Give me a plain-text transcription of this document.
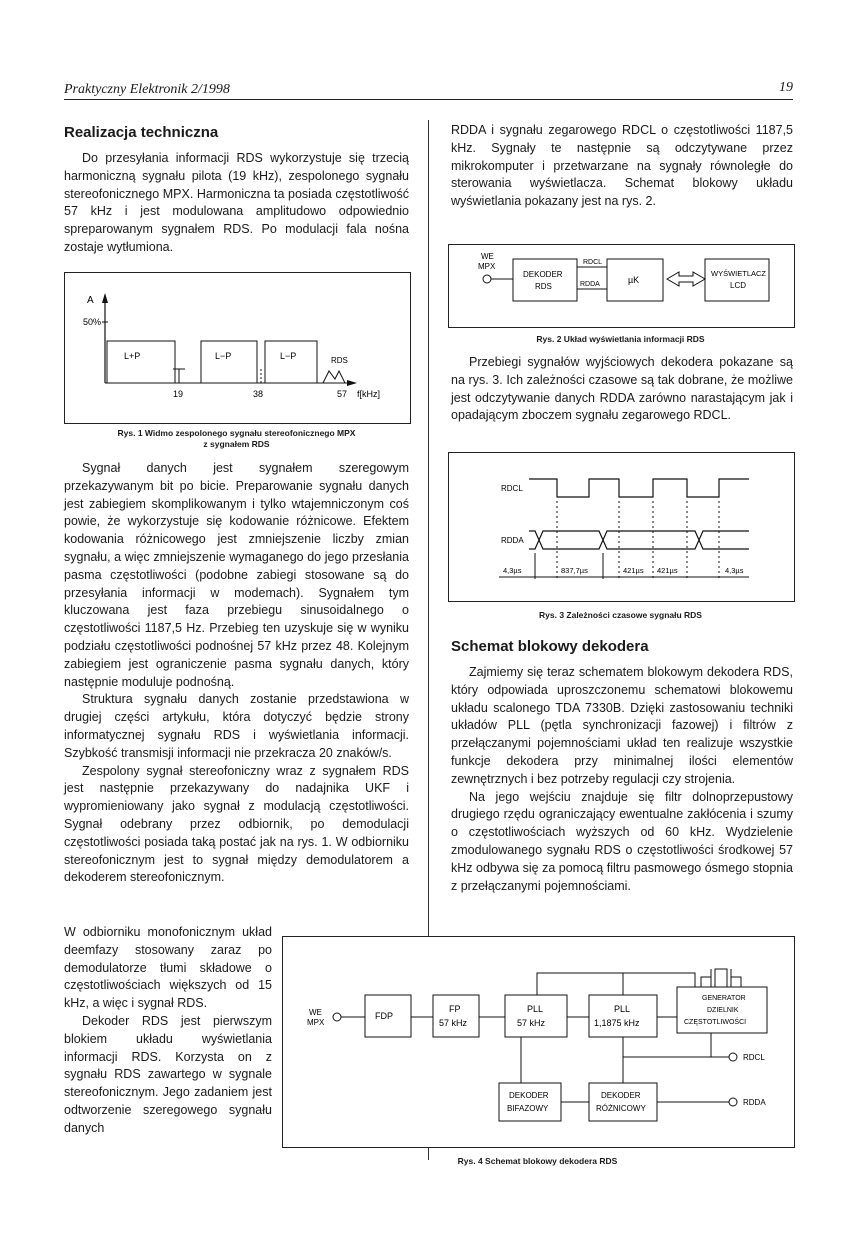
Praktyczny Elektronik 2/1998	19
Realizacja techniczna

Do przesyłania informacji RDS wykorzystuje się trzecią harmoniczną sygnału pilota (19 kHz), zespolonego sygnału stereofonicznego MPX. Harmoniczna ta posiada częstotliwość 57 kHz i jest modulowana amplitudowo odpowiednio spreparowanym sygnałem RDS. Po modulacji fala nośna zostaje wytłumiona.

A
50%
L+P	L−P	L−P	RDS
19	38	57 f[kHz]
Rys. 1 Widmo zespolonego sygnału stereofonicznego MPX
z sygnałem RDS

Sygnał danych jest sygnałem szeregowym przekazywanym bit po bicie. Preparowanie sygnału danych jest zabiegiem skomplikowanym i tylko wtajemniczonym coś powie, że wykorzystuje się kodowanie różnicowe. Efektem kodowania różnicowego jest zmniejszenie liczby zmian sygnału, a więc zmniejszenie wymaganego do jego przesłania pasma częstotliwości (podobne zabiegi stosowane są do przesyłania informacji w modemach). Sygnałem tym kluczowana jest faza przebiegu sinusoidalnego o częstotliwości 1187,5 Hz. Przebieg ten uzyskuje się w wyniku podziału częstotliwości podnośnej 57 kHz przez 48. Kolejnym zabiegiem jest ograniczenie pasma sygnału danych, który następnie moduluje podnośną.

Struktura sygnału danych zostanie przedstawiona w drugiej części artykułu, która dotyczyć będzie strony informatycznej sygnału RDS i wyświetlania informacji. Szybkość transmisji informacji nie przekracza 20 znaków/s.

Zespolony sygnał stereofoniczny wraz z sygnałem RDS jest następnie przekazywany do nadajnika UKF i wypromieniowany jako sygnał z modulacją częstotliwości. Sygnał odebrany przez odbiornik, po demodulacji częstotliwości posiada taką postać jak na rys. 1. W odbiorniku stereofonicznym jest to sygnał między demodulatorem a dekoderem stereofonicznym.

W odbiorniku monofonicznym układ deemfazy stosowany zaraz po demodulatorze tłumi składowe o częstotliwościach większych od 15 kHz, a więc i sygnał RDS.

Dekoder RDS jest pierwszym blokiem układu wyświetlania informacji RDS. Korzysta on z sygnału RDS zawartego w sygnale stereofonicznym. Jego zadaniem jest odtworzenie szeregowego sygnału danych

RDDA i sygnału zegarowego RDCL o częstotliwości 1187,5 kHz. Sygnały te następnie są odczytywane przez mikrokomputer i przetwarzane na sygnały równoległe do sterowania wyświetlacza. Schemat blokowy układu wyświetlania pokazany jest na rys. 2.

WE
MPX
DEKODER
RDS
RDCL
RDDA	µK
WYŚWIETLACZ
LCD
Rys. 2 Układ wyświetlania informacji RDS

Przebiegi sygnałów wyjściowych dekodera pokazane są na rys. 3. Ich zależności czasowe są tak dobrane, że możliwe jest odczytywanie danych RDDA zarówno narastającym jak i opadającym zboczem sygnału zegarowego RDCL.

RDCL
RDDA
4,3µs	837,7µs	421µs 421µs	4,3µs
Rys. 3 Zależności czasowe sygnału RDS
Schemat blokowy dekodera

Zajmiemy się teraz schematem blokowym dekodera RDS, który odpowiada uproszczonemu schematowi blokowemu układu scalonego TDA 7330B. Dzięki zastosowaniu techniki układów PLL (pętla synchronizacji fazowej) i filtrów z przełączanymi pojemnościami układ ten realizuje wszystkie funkcje dekodera przy minimalnej ilości elementów zewnętrznych i bez potrzeby regulacji czy strojenia.

Na jego wejściu znajduje się filtr dolnoprzepustowy drugiego rzędu ograniczający ewentualne zakłócenia i szumy o częstotliwościach wyższych od 60 kHz. Wydzielenie zmodulowanego sygnału RDS o częstotliwości środkowej 57 kHz odbywa się za pomocą filtru pasmowego ósmego stopnia z przełączanymi pojemnościami.

WE
MPX
FDP
FP
57 kHz
PLL
57 kHz
PLL
1,1875 kHz
GENERATOR
DZIELNIK
CZĘSTOTLIWOŚCI
RDCL
DEKODER
BIFAZOWY
DEKODER
RÓŻNICOWY
RDDA
Rys. 4 Schemat blokowy dekodera RDS
